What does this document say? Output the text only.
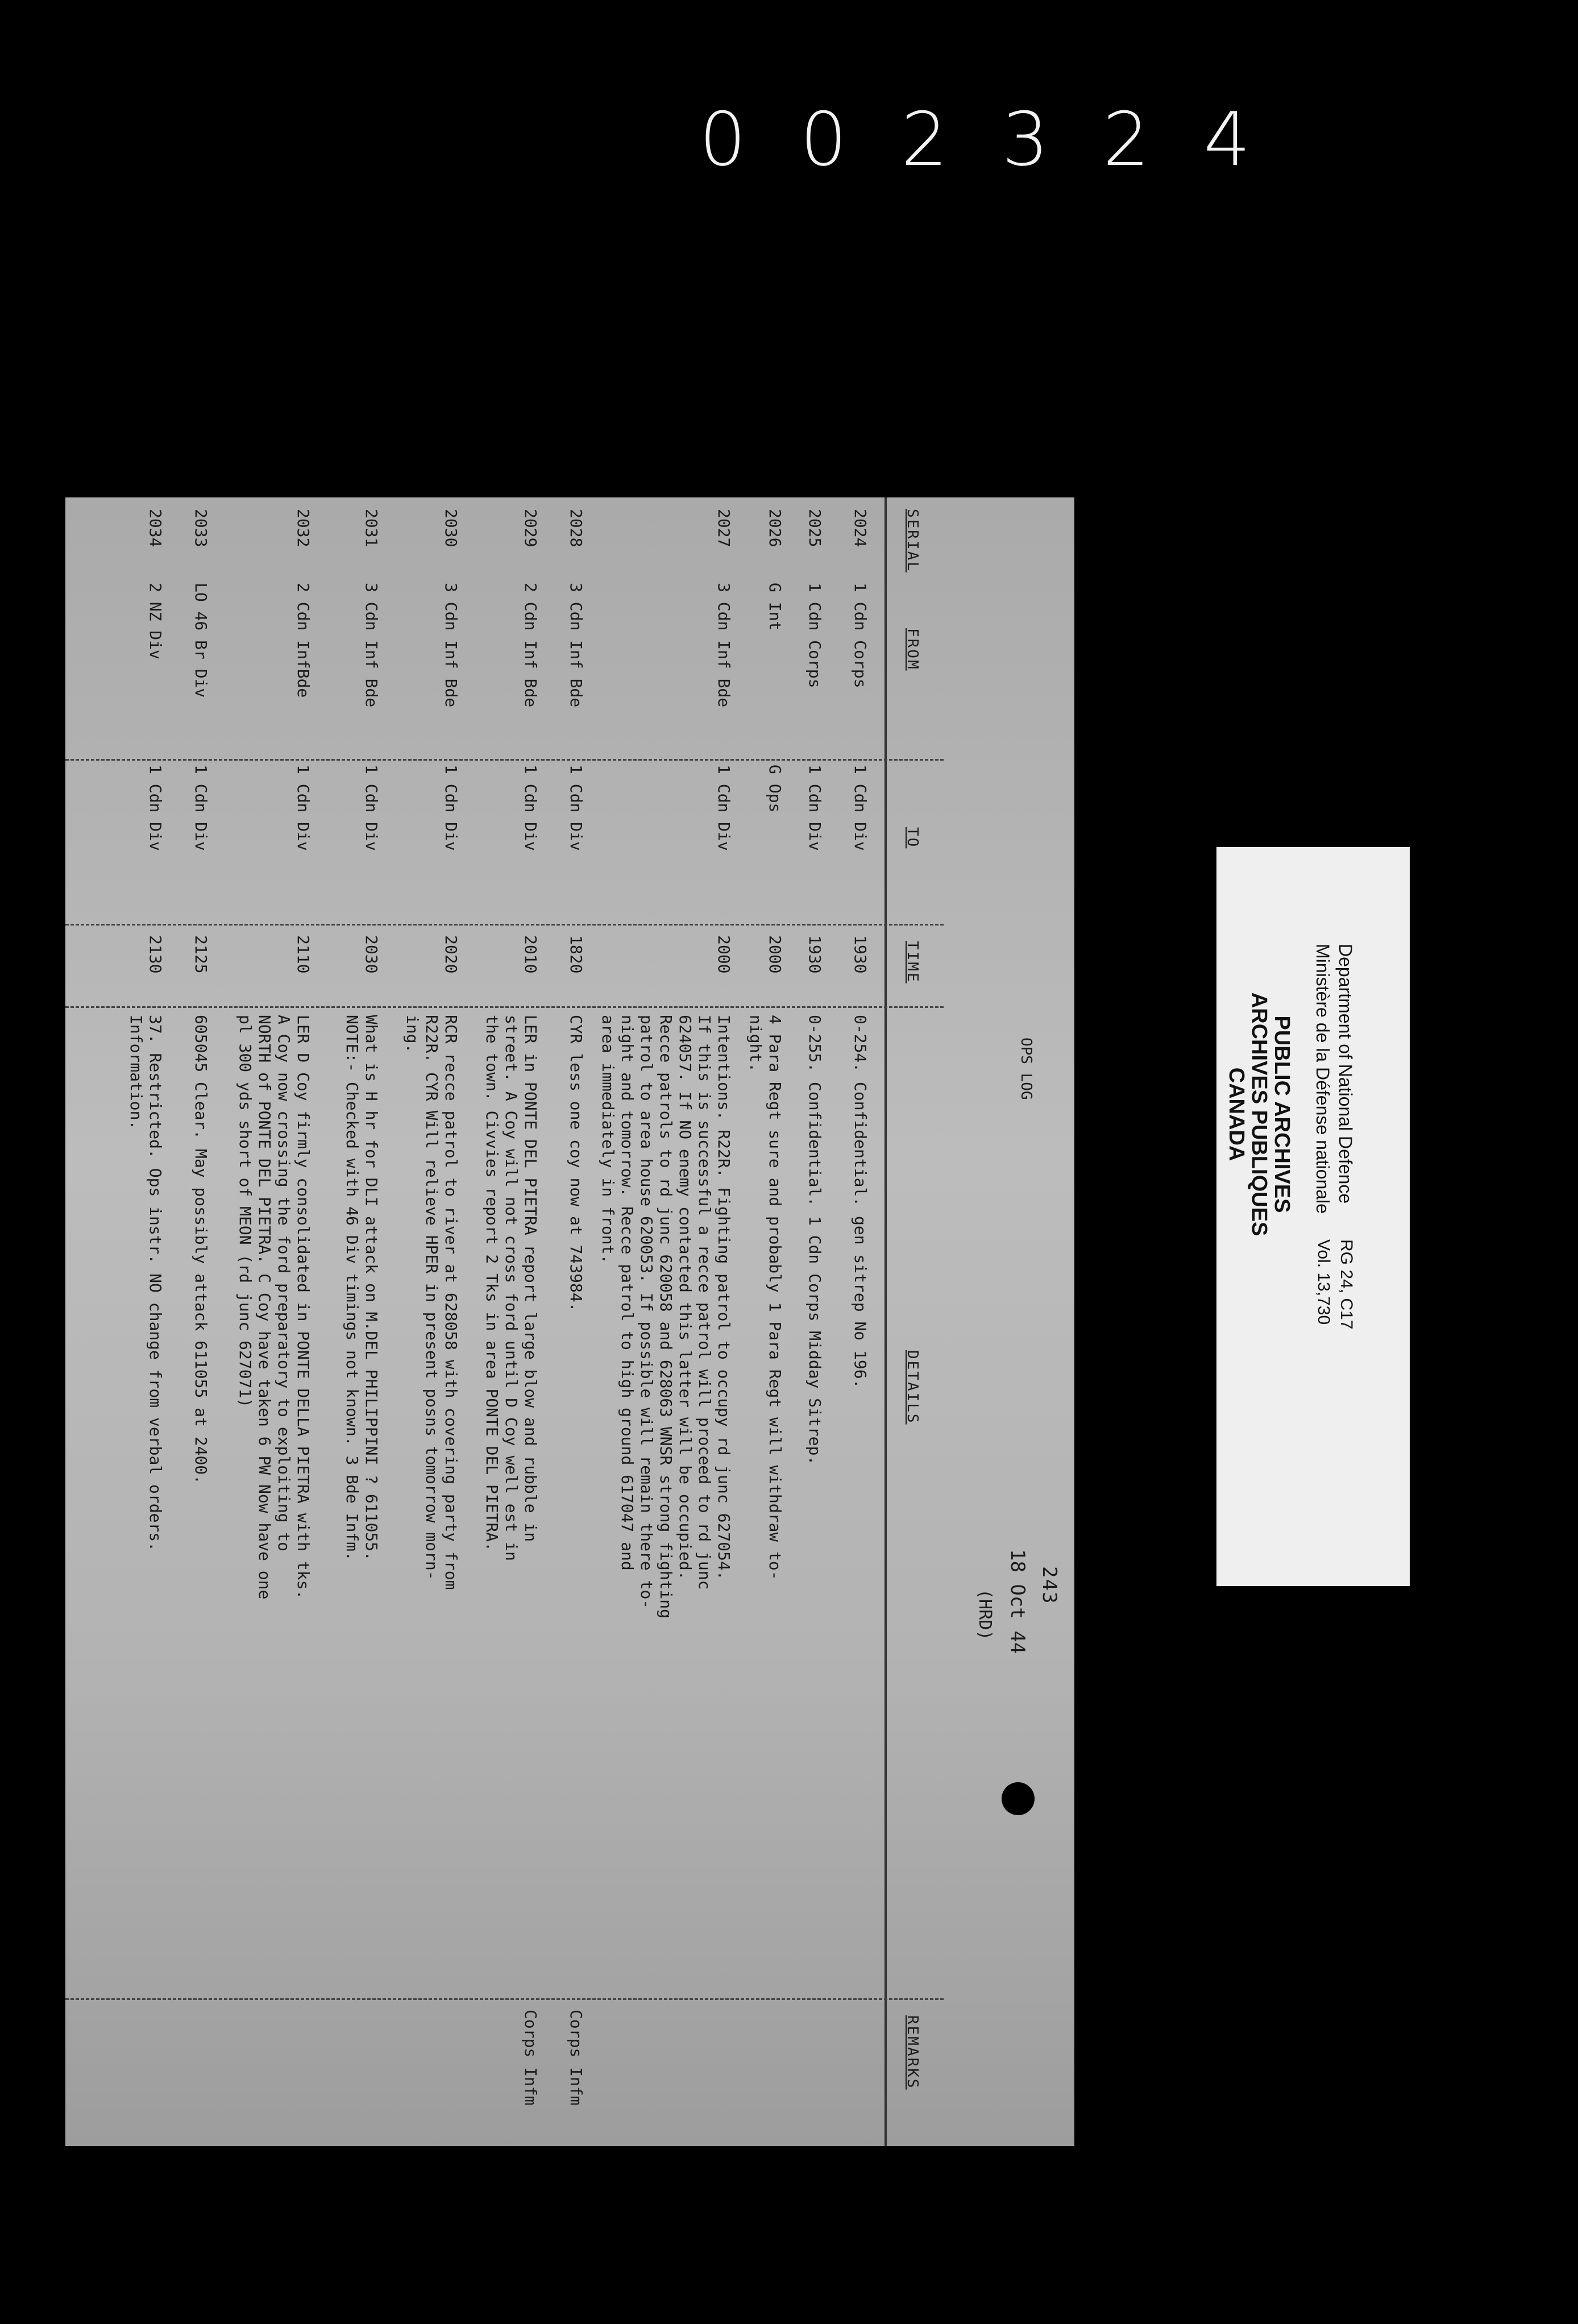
0 0 2 3 2 4
OPS LOG
243
18 Oct 44
(HRD)
SERIAL
FROM
TO
TIME
DETAILS
REMARKS
2024
1 Cdn Corps
1 Cdn Div
1930
0-254. Confidential. gen sitrep No 196.
2025
1 Cdn Corps
1 Cdn Div
1930
0-255. Confidential. 1 Cdn Corps Midday Sitrep.
2026
G Int
G Ops
2000
4 Para Regt sure and probably 1 Para Regt will withdraw to-
night.
2027
3 Cdn Inf Bde
1 Cdn Div
2000
Intentions. R22R. Fighting patrol to occupy rd junc 627054.
If this is successful a recce patrol will proceed to rd junc
624057. If NO enemy contacted this latter will be occupied.
Recce patrols to rd junc 620058 and 628063 WNSR strong fighting
patrol to area house 620053. If possible will remain there to-
night and tomorrow. Recce patrol to high ground 617047 and
area immediately in front.
2028
3 Cdn Inf Bde
1 Cdn Div
1820
CYR less one coy now at 743984.
Corps Infm
2029
2 Cdn Inf Bde
1 Cdn Div
2010
LER in PONTE DEL PIETRA report large blow and rubble in
street. A Coy will not cross ford until D Coy well est in
the town. Civvies report 2 Tks in area PONTE DEL PIETRA.
Corps Infm
2030
3 Cdn Inf Bde
1 Cdn Div
2020
RCR recce patrol to river at 628058 with covering party from
R22R. CYR Will relieve HPER in present posns tomorrow morn-
ing.
2031
3 Cdn Inf Bde
1 Cdn Div
2030
What is H hr for DLI attack on M.DEL PHILIPPINI ? 611055.
NOTE:- Checked with 46 Div timings not known. 3 Bde Infm.
2032
2 Cdn InfBde
1 Cdn Div
2110
LER D Coy firmly consolidated in PONTE DELLA PIETRA with tks.
A Coy now crossing the ford preparatory to exploiting to
NORTH of PONTE DEL PIETRA. C Coy have taken 6 PW Now have one
pl 300 yds short of MEON (rd junc 627071)
2033
LO 46 Br Div
1 Cdn Div
2125
605045 Clear. May possibly attack 611055 at 2400.
2034
2 NZ Div
1 Cdn Div
2130
37. Restricted. Ops instr. NO change from verbal orders.
Information.	Department of National Defence
Ministère de la Défense nationale
RG 24, C17
Vol. 13,730
PUBLIC ARCHIVES
ARCHIVES PUBLIQUES
CANADA
